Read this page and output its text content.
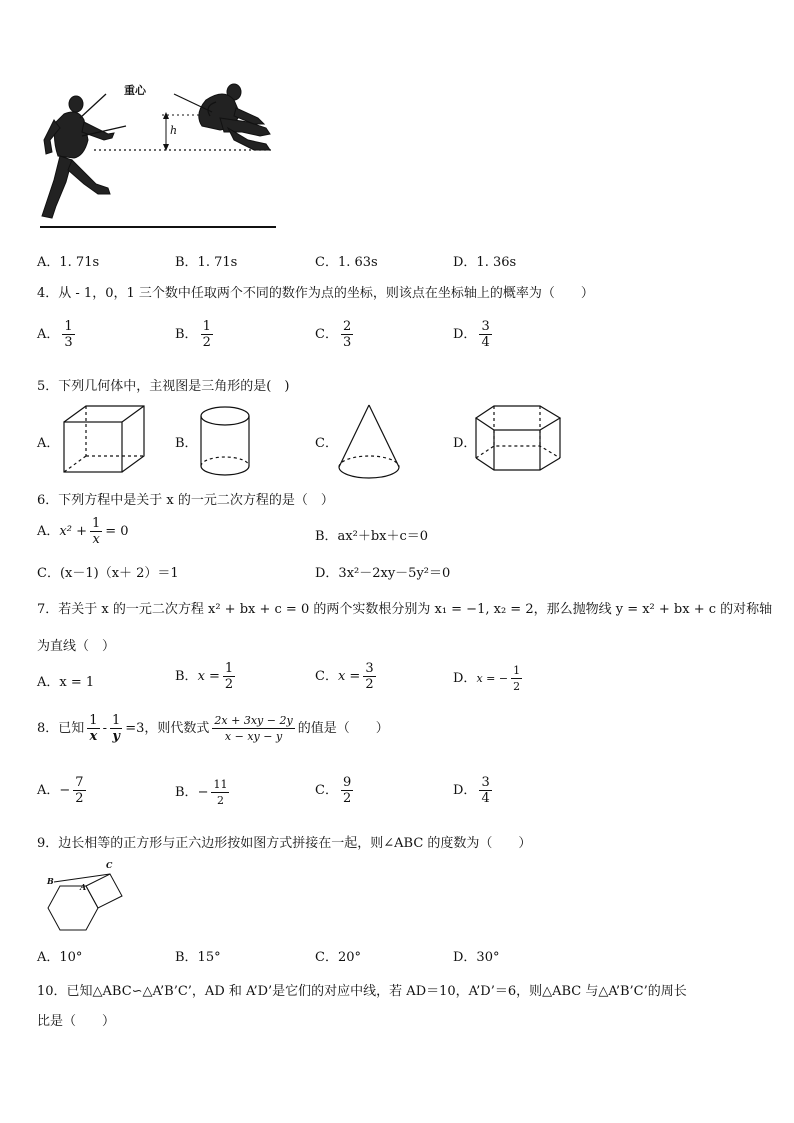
重心
h
A．1. 71s	B．1. 71s	C．1. 63s	D．1. 36s
4．从 - 1，0，1 三个数中任取两个不同的数作为点的坐标，则该点在坐标轴上的概率为（　　）
A． $\frac{1}{3}$	B． $\frac{1}{2}$	C． $\frac{2}{3}$	D． $\frac{3}{4}$
5．下列几何体中，主视图是三角形的是(　)
A．	B．	C．	D．
6．下列方程中是关于 x 的一元二次方程的是（　）
A．$x^2 + \frac{1}{x} = 0$	B．ax²＋bx＋c＝0
C．(x－1)（x＋ 2）＝1	D．3x²－2xy－5y²＝0
7．若关于 x 的一元二次方程 x² + bx + c = 0 的两个实数根分别为 x₁ = −1, x₂ = 2，那么抛物线 y = x² + bx + c 的对称轴
为直线（　）
A．x = 1	B．$x = \frac{1}{2}$	C．$x = \frac{3}{2}$	D．x = − $\frac{1}{2}$
8．已知 $\frac{1}{x} - \frac{1}{y} =3$，则代数式 $\frac{2x + 3xy - 2y}{x - xy - y}$ 的值是（　　）
A．− $\frac{7}{2}$	B．− $\frac{11}{2}$	C． $\frac{9}{2}$	D． $\frac{3}{4}$
9．边长相等的正方形与正六边形按如图方式拼接在一起，则∠ABC 的度数为（　　）
B
A
C
A．10°	B．15°	C．20°	D．30°
10．已知△ABC∽△A’B’C’，AD 和 A’D’是它们的对应中线，若 AD＝10，A’D’＝6，则△ABC 与△A’B’C’的周长
比是（　　）
